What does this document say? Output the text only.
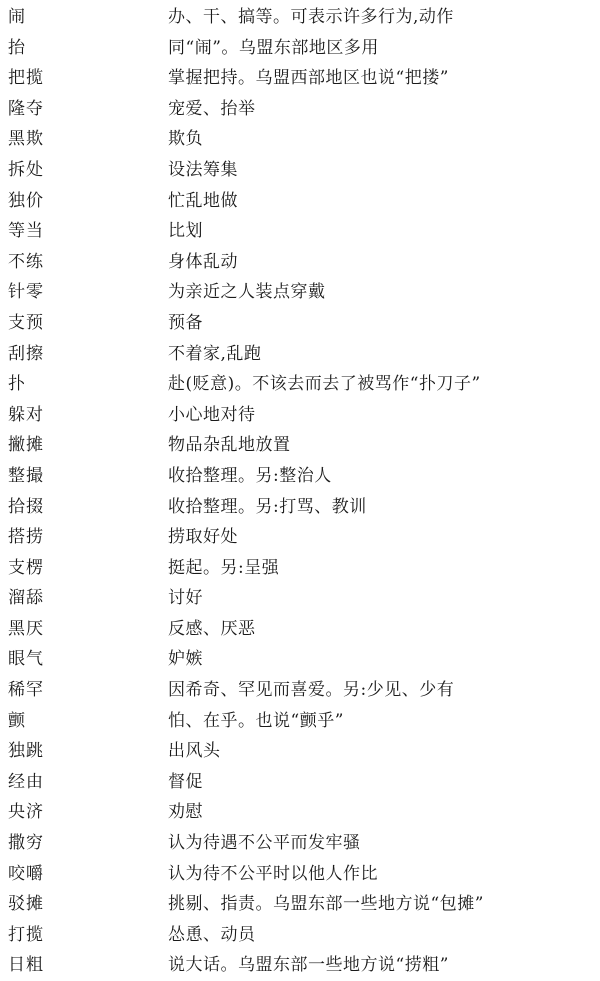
闹	办、干、搞等。可表示许多行为,动作
抬	同“闹”。乌盟东部地区多用
把揽	掌握把持。乌盟西部地区也说“把搂”
隆夺	宠爱、抬举
黑欺	欺负
拆处	设法筹集
独价	忙乱地做
等当	比划
不练	身体乱动
针零	为亲近之人装点穿戴
支预	预备
刮擦	不着家,乱跑
扑	赴(贬意)。不该去而去了被骂作“扑刀子”
躲对	小心地对待
撇摊	物品杂乱地放置
整撮	收拾整理。另:整治人
拾掇	收拾整理。另:打骂、教训
搭捞	捞取好处
支楞	挺起。另:呈强
溜舔	讨好
黑厌	反感、厌恶
眼气	妒嫉
稀罕	因希奇、罕见而喜爱。另:少见、少有
颤	怕、在乎。也说“颤乎”
独跳	出风头
经由	督促
央济	劝慰
撒穷	认为待遇不公平而发牢骚
咬嚼	认为待不公平时以他人作比
驳摊	挑剔、指责。乌盟东部一些地方说“包摊”
打揽	怂恿、动员
日粗	说大话。乌盟东部一些地方说“捞粗”
